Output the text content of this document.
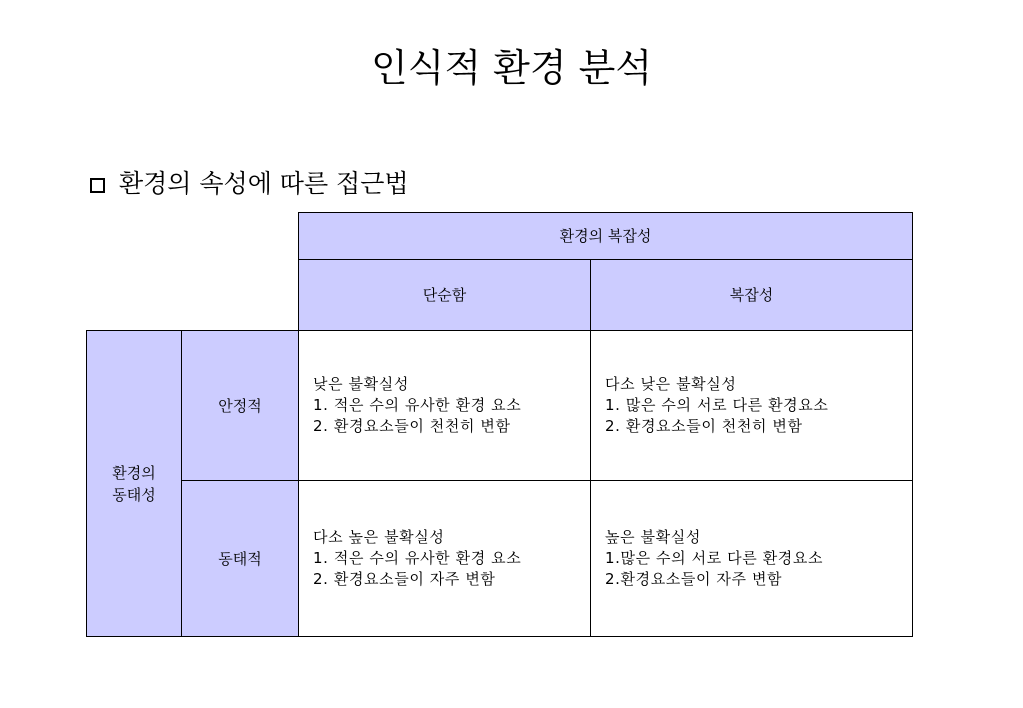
인식적 환경 분석
환경의 속성에 따른 접근법
환경의 복잡성
단순함	복잡성
환경의
동태성
안정적
동태적
낮은 불확실성
1. 적은 수의 유사한 환경 요소
2. 환경요소들이 천천히 변함
다소 낮은 불확실성
1. 많은 수의 서로 다른 환경요소
2. 환경요소들이 천천히 변함
다소 높은 불확실성
1. 적은 수의 유사한 환경 요소
2. 환경요소들이 자주 변함
높은 불확실성
1.많은 수의 서로 다른 환경요소
2.환경요소들이 자주 변함
